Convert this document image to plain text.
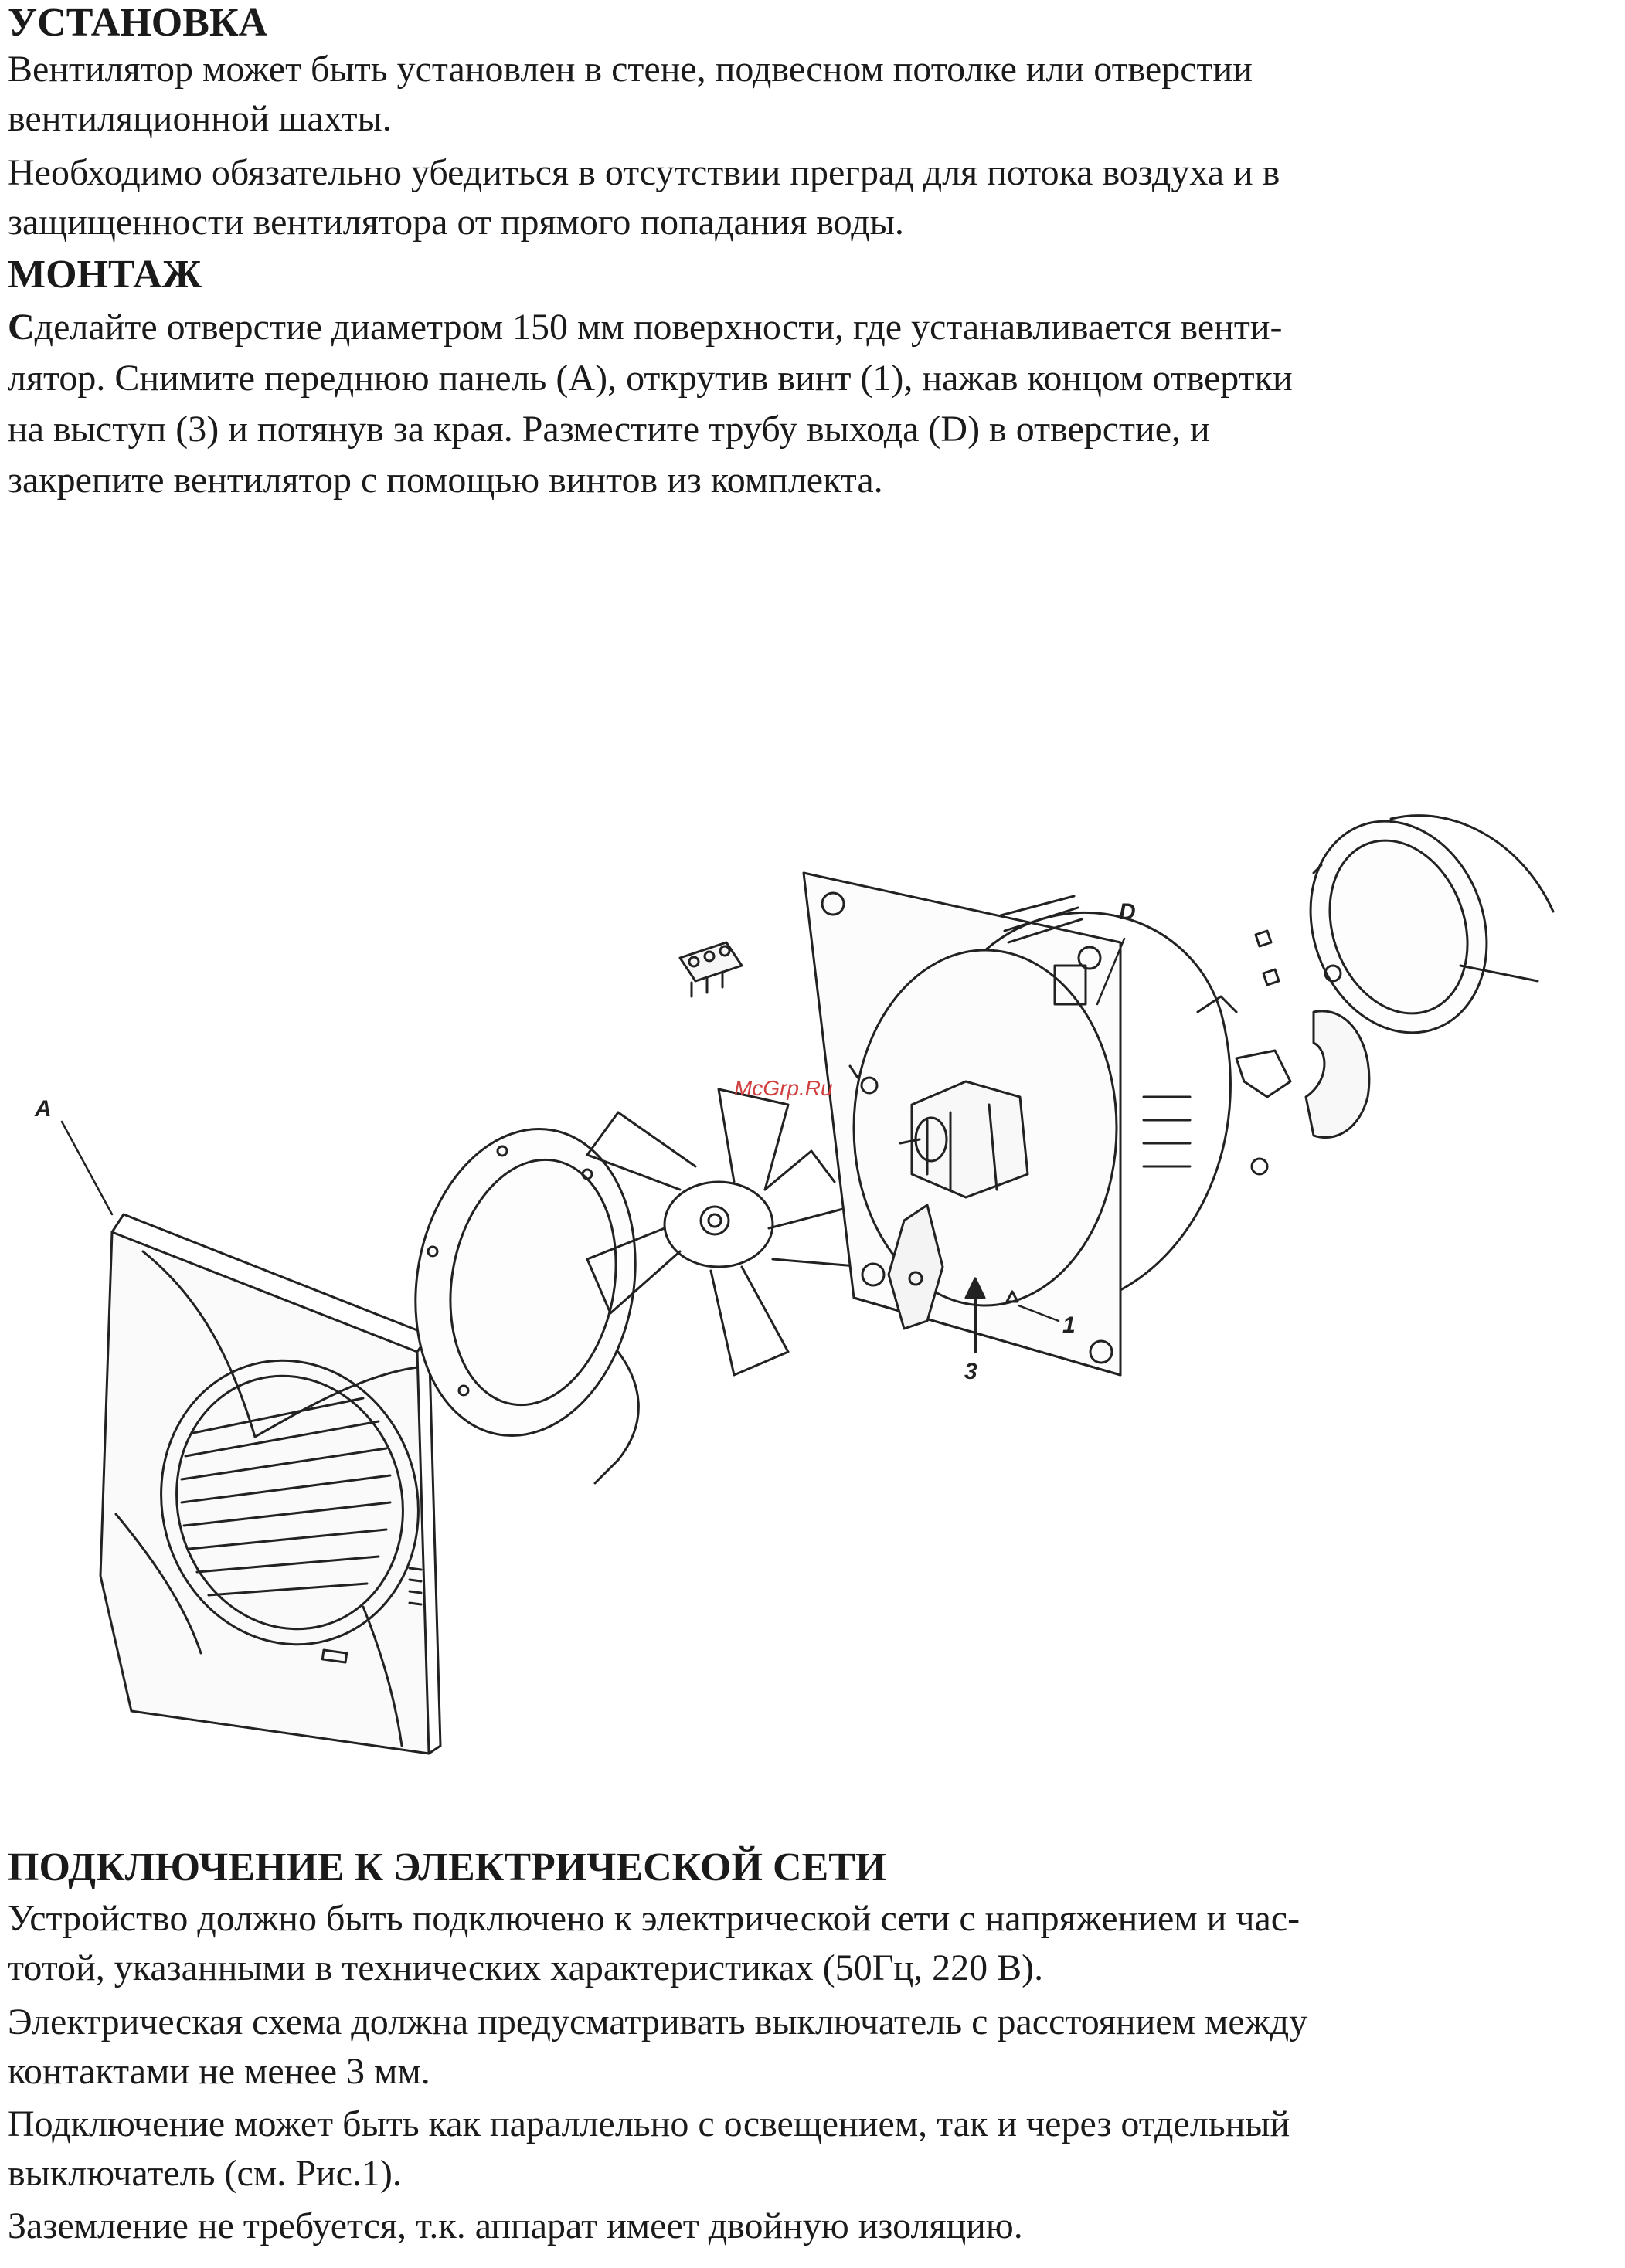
УСТАНОВКА
Вентилятор может быть установлен в стене, подвесном потолке или отверстии
вентиляционной шахты.
Необходимо обязательно убедиться в отсутствии преград для потока воздуха и в
защищенности вентилятора от прямого попадания воды.
МОНТАЖ
Сделайте отверстие диаметром 150 мм поверхности, где устанавливается венти-
лятор. Снимите переднюю панель (А), открутив винт (1), нажав концом отвертки
на выступ (3) и потянув за края. Разместите трубу выхода (D) в отверстие, и
закрепите вентилятор с помощью винтов из комплекта.
A
D
1
3
McGrp.Ru
ПОДКЛЮЧЕНИЕ К ЭЛЕКТРИЧЕСКОЙ СЕТИ
Устройство должно быть подключено к электрической сети с напряжением и час-
тотой, указанными в технических характеристиках (50Гц, 220 В).
Электрическая схема должна предусматривать выключатель с расстоянием между
контактами не менее 3 мм.
Подключение может быть как параллельно с освещением, так и через отдельный
выключатель (см. Рис.1).
Заземление не требуется, т.к. аппарат имеет двойную изоляцию.
